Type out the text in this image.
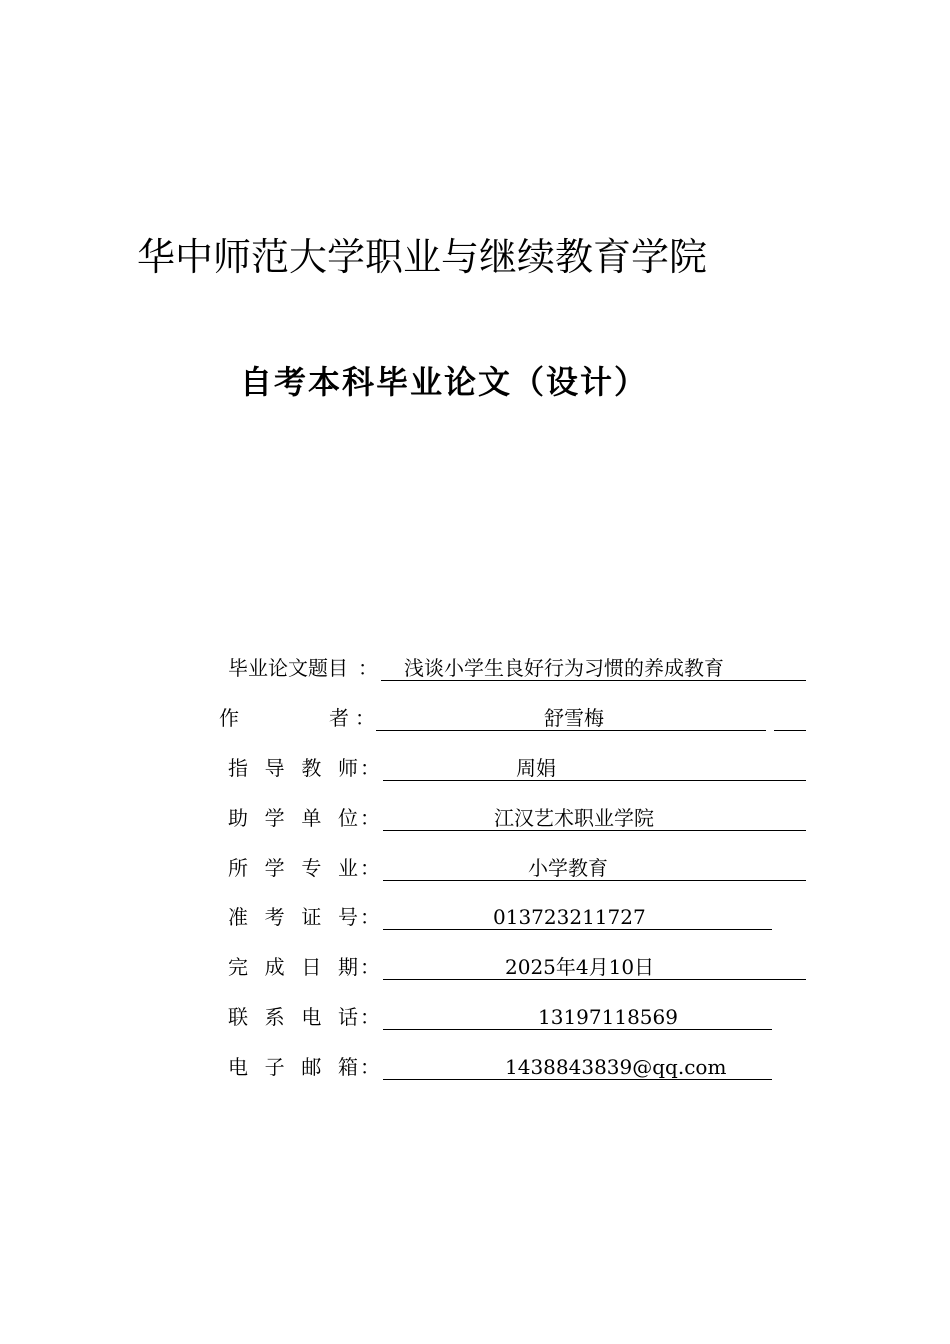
华中师范大学职业与继续教育学院
自考本科毕业论文（设计）
毕业论文题目 ： 浅谈小学生良好行为习惯的养成教育
作	者 ：	舒雪梅
指 导 教 师 ：	周娟
助 学 单 位 ：	江汉艺术职业学院
所 学 专 业 ：	小学教育
准 考 证 号 ：	013723211727
完 成 日 期 ：	2025年4月10日
联 系 电 话 ：	13197118569
电 子 邮 箱 ：	1438843839@qq.com
